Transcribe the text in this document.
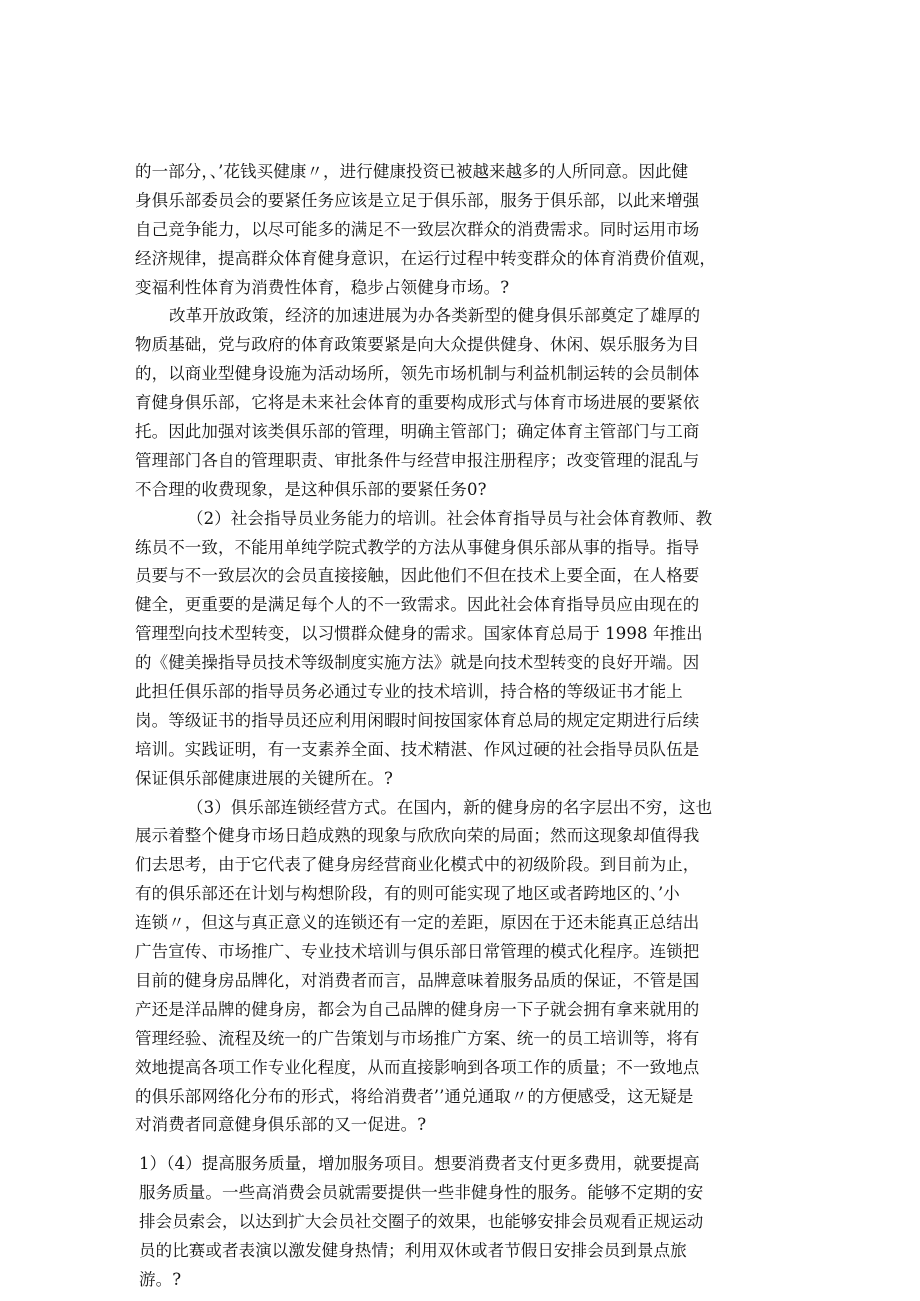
的一部分，、’花钱买健康〃，进行健康投资已被越来越多的人所同意。因此健
身俱乐部委员会的要紧任务应该是立足于俱乐部，服务于俱乐部，以此来增强
自己竞争能力，以尽可能多的满足不一致层次群众的消费需求。同时运用市场
经济规律，提高群众体育健身意识，在运行过程中转变群众的体育消费价值观，
变福利性体育为消费性体育，稳步占领健身市场。?
改革开放政策，经济的加速进展为办各类新型的健身俱乐部奠定了雄厚的
物质基础，党与政府的体育政策要紧是向大众提供健身、休闲、娱乐服务为目
的，以商业型健身设施为活动场所，领先市场机制与利益机制运转的会员制体
育健身俱乐部，它将是未来社会体育的重要构成形式与体育市场进展的要紧依
托。因此加强对该类俱乐部的管理，明确主管部门；确定体育主管部门与工商
管理部门各自的管理职责、审批条件与经营申报注册程序；改变管理的混乱与
不合理的收费现象，是这种俱乐部的要紧任务0?
（2）社会指导员业务能力的培训。社会体育指导员与社会体育教师、教
练员不一致，不能用单纯学院式教学的方法从事健身俱乐部从事的指导。指导
员要与不一致层次的会员直接接触，因此他们不但在技术上要全面，在人格要
健全，更重要的是满足每个人的不一致需求。因此社会体育指导员应由现在的
管理型向技术型转变，以习惯群众健身的需求。国家体育总局于 1998 年推出
的《健美操指导员技术等级制度实施方法》就是向技术型转变的良好开端。因
此担任俱乐部的指导员务必通过专业的技术培训，持合格的等级证书才能上
岗。等级证书的指导员还应利用闲暇时间按国家体育总局的规定定期进行后续
培训。实践证明，有一支素养全面、技术精湛、作风过硬的社会指导员队伍是
保证俱乐部健康进展的关键所在。?
（3）俱乐部连锁经营方式。在国内，新的健身房的名字层出不穷，这也
展示着整个健身市场日趋成熟的现象与欣欣向荣的局面；然而这现象却值得我
们去思考，由于它代表了健身房经营商业化模式中的初级阶段。到目前为止，
有的俱乐部还在计划与构想阶段，有的则可能实现了地区或者跨地区的、’小
连锁〃，但这与真正意义的连锁还有一定的差距，原因在于还未能真正总结出
广告宣传、市场推广、专业技术培训与俱乐部日常管理的模式化程序。连锁把
目前的健身房品牌化，对消费者而言，品牌意味着服务品质的保证，不管是国
产还是洋品牌的健身房，都会为自己品牌的健身房一下子就会拥有拿来就用的
管理经验、流程及统一的广告策划与市场推广方案、统一的员工培训等，将有
效地提高各项工作专业化程度，从而直接影响到各项工作的质量；不一致地点
的俱乐部网络化分布的形式，将给消费者’’通兑通取〃的方便感受，这无疑是
对消费者同意健身俱乐部的又一促进。?
1）（4）提高服务质量，增加服务项目。想要消费者支付更多费用，就要提高
服务质量。一些高消费会员就需要提供一些非健身性的服务。能够不定期的安
排会员索会，以达到扩大会员社交圈子的效果，也能够安排会员观看正规运动
员的比赛或者表演以激发健身热情；利用双休或者节假日安排会员到景点旅
游。?
